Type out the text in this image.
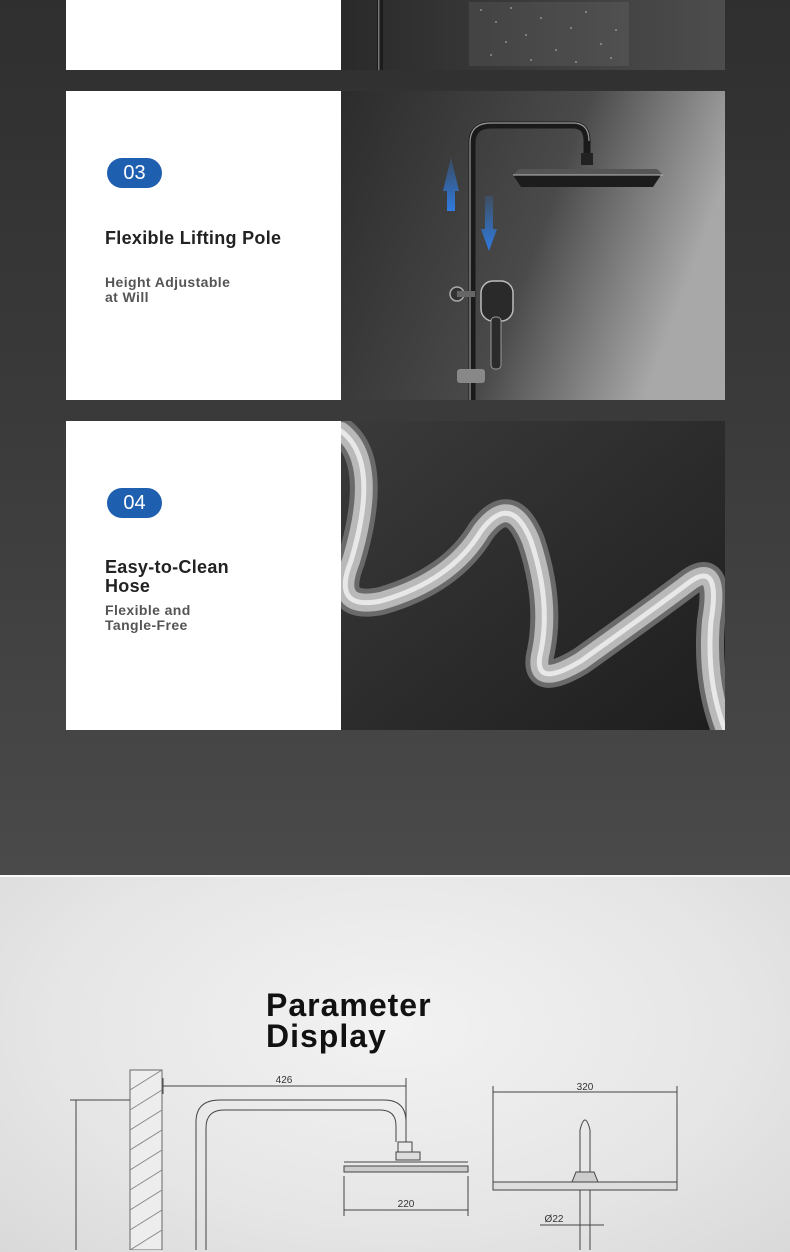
03
Flexible Lifting Pole
Height Adjustable
at Will
04
Easy-to-Clean
Hose
Flexible and
Tangle-Free
Parameter
Display
426
220
320
Ø22
